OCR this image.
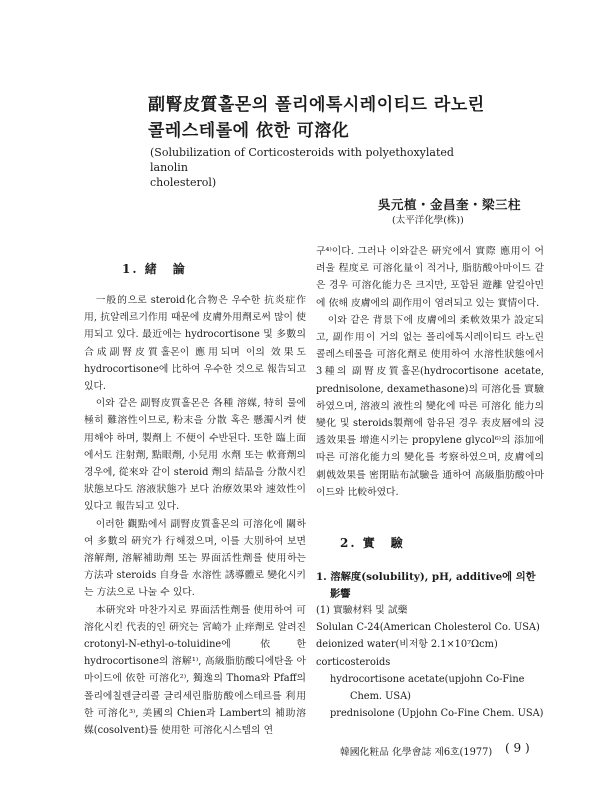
副腎皮質홀몬의 폴리에톡시레이티드 라노린
콜레스테롤에 依한 可溶化
(Solubilization of Corticosteroids with polyethoxylated lanolin
cholesterol)
吳元植・金昌奎・梁三柱
(太平洋化學(株))
1. 緒　論

一般的으로 steroid化合物은 우수한 抗炎症作用, 抗알레르기作用 때문에 皮膚外用劑로써 많이 使用되고 있다. 最近에는 hydrocortisone 및 多數의 合成副腎皮質홀몬이 應用되며 이의 效果도 hydrocortisone에 比하여 우수한 것으로 報告되고 있다.

이와 같은 副腎皮質홀몬은 各種 溶媒, 特히 물에 極히 難溶性이므로, 粉末을 分散 혹은 懸濁시켜 使用해야 하며, 製劑上 不便이 수반된다. 또한 臨上面에서도 注射劑, 點眼劑, 小兒用 水劑 또는 軟膏劑의 경우에, 從來와 같이 steroid 劑의 結晶을 分散시킨 狀態보다도 溶液狀態가 보다 治療效果와 速效性이 있다고 報告되고 있다.

이러한 觀點에서 副腎皮質홀몬의 可溶化에 關하여 多數의 硏究가 行해졌으며, 이를 大別하여 보면 溶解劑, 溶解補助劑 또는 界面活性劑를 使用하는 方法과 steroids 自身을 水溶性 誘導體로 變化시키는 方法으로 나눌 수 있다.

本硏究와 마찬가지로 界面活性劑를 使用하여 可溶化시킨 代表的인 硏究는 宮崎가 止痒劑로 알려진 crotonyl-N-ethyl-o-toluidine에 依한 hydrocortisone의 溶解¹⁾, 高級脂肪酸디에탄올 아마이드에 依한 可溶化²⁾, 獨逸의 Thoma와 Pfaff의 폴리에칠렌글리콜 글리세린脂肪酸에스테르를 利用한 可溶化³⁾, 美國의 Chien과 Lambert의 補助溶媒(cosolvent)를 使用한 可溶化시스템의 연

구⁴⁾이다. 그러나 이와같은 硏究에서 實際 應用이 어려울 程度로 可溶化量이 적거나, 脂肪酸아마이드 같은 경우 可溶化能力은 크지만, 포함된 遊離 알킬아민에 依해 皮膚에의 副作用이 염려되고 있는 實情이다.

이와 같은 背景下에 皮膚에의 柔軟效果가 設定되고, 副作用이 거의 없는 폴리에톡시레이티드 라노린 콜레스테롤을 可溶化劑로 使用하여 水溶性狀態에서 3種의 副腎皮質홀몬(hydrocortisone acetate, prednisolone, dexamethasone)의 可溶化를 實驗하였으며, 溶液의 液性의 變化에 따른 可溶化 能力의 變化 및 steroids製劑에 함유된 경우 表皮層에의 浸透效果를 增進시키는 propylene glycol⁶⁾의 添加에 따른 可溶化能力의 變化를 考察하였으며, 皮膚에의 刺戟效果를 密閉貼布試驗을 通하여 高級脂肪酸아마이드와 比較하였다.

2. 實　驗
1. 溶解度(solubility), pH, additive에 의한
影響
(1) 實驗材料 및 試藥
Solulan C-24(American Cholesterol Co. USA)
deionized water(비저항 2.1×10⁷Ωcm)
corticosteroids
hydrocortisone acetate(upjohn Co-Fine
Chem. USA)
prednisolone (Upjohn Co-Fine Chem. USA)
韓國化粧品 化學會誌 제6호(1977) ( 9 )
